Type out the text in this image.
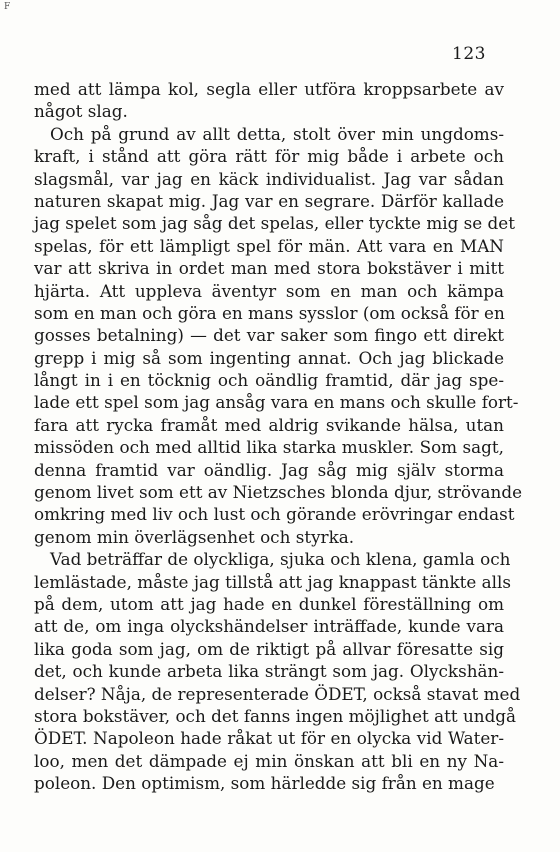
F
123
med att lämpa kol, segla eller utföra kroppsarbete av
något slag.
Och på grund av allt detta, stolt över min ungdoms-
kraft, i stånd att göra rätt för mig både i arbete och
slagsmål, var jag en käck individualist. Jag var sådan
naturen skapat mig. Jag var en segrare. Därför kallade
jag spelet som jag såg det spelas, eller tyckte mig se det
spelas, för ett lämpligt spel för män. Att vara en MAN
var att skriva in ordet man med stora bokstäver i mitt
hjärta. Att uppleva äventyr som en man och kämpa
som en man och göra en mans sysslor (om också för en
gosses betalning) — det var saker som fingo ett direkt
grepp i mig så som ingenting annat. Och jag blickade
långt in i en töcknig och oändlig framtid, där jag spe-
lade ett spel som jag ansåg vara en mans och skulle fort-
fara att rycka framåt med aldrig svikande hälsa, utan
missöden och med alltid lika starka muskler. Som sagt,
denna framtid var oändlig. Jag såg mig själv storma
genom livet som ett av Nietzsches blonda djur, strövande
omkring med liv och lust och görande erövringar endast
genom min överlägsenhet och styrka.
Vad beträffar de olyckliga, sjuka och klena, gamla och
lemlästade, måste jag tillstå att jag knappast tänkte alls
på dem, utom att jag hade en dunkel föreställning om
att de, om inga olyckshändelser inträffade, kunde vara
lika goda som jag, om de riktigt på allvar föresatte sig
det, och kunde arbeta lika strängt som jag. Olyckshän-
delser? Nåja, de representerade ÖDET, också stavat med
stora bokstäver, och det fanns ingen möjlighet att undgå
ÖDET. Napoleon hade råkat ut för en olycka vid Water-
loo, men det dämpade ej min önskan att bli en ny Na-
poleon. Den optimism, som härledde sig från en mage
